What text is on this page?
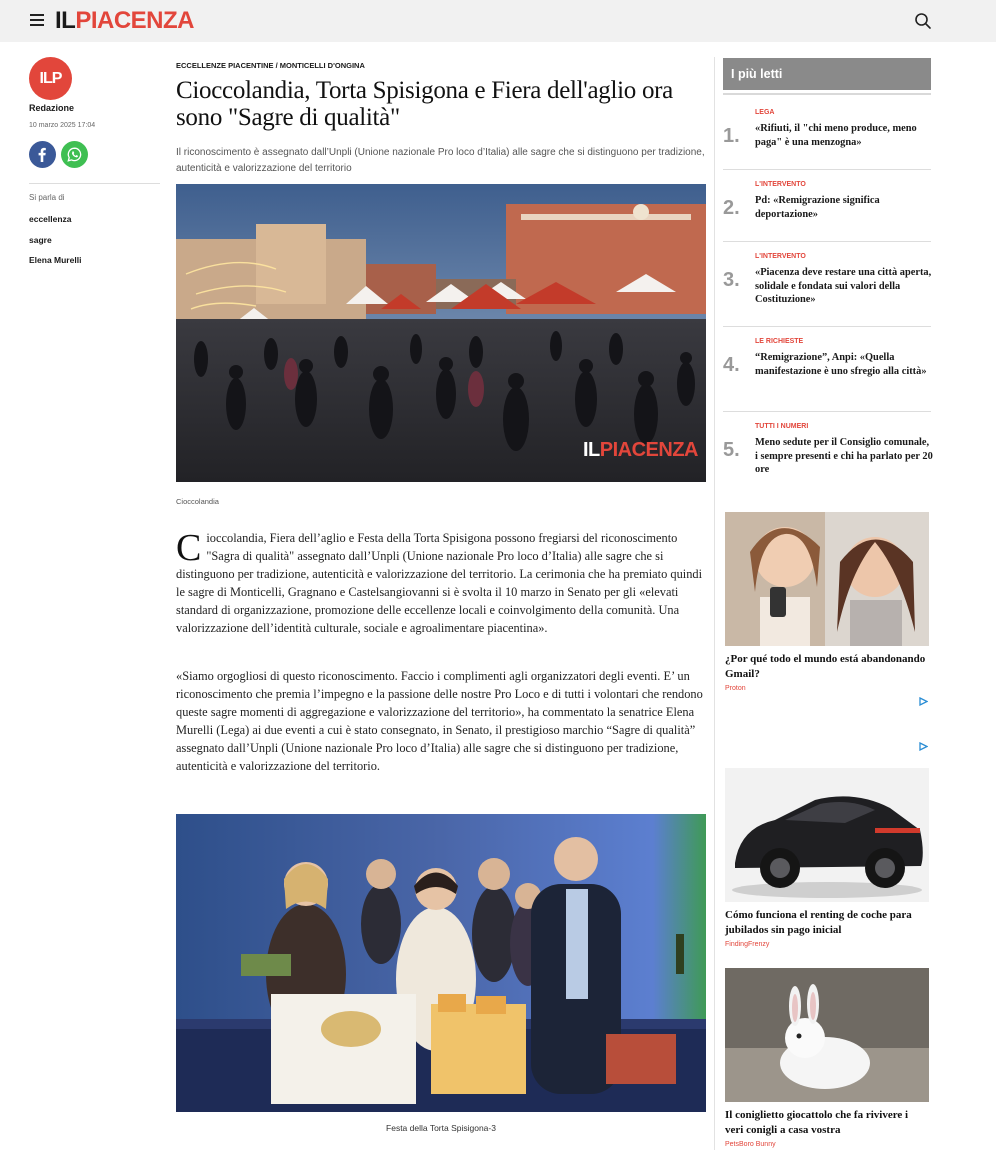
ILPIACENZA
ILP
Redazione
10 marzo 2025 17:04
Si parla di
eccellenza
sagre
Elena Murelli
ECCELLENZE PIACENTINE / MONTICELLI D'ONGINA
Cioccolandia, Torta Spisigona e Fiera dell'aglio ora sono "Sagre di qualità"
Il riconoscimento è assegnato dall’Unpli (Unione nazionale Pro loco d’Italia) alle sagre che si distinguono per tradizione, autenticità e valorizzazione del territorio
ILPIACENZA
Cioccolandia
Cioccolandia, Fiera dell’aglio e Festa della Torta Spisigona possono fregiarsi del riconoscimento "Sagra di qualità" assegnato dall’Unpli (Unione nazionale Pro loco d’Italia) alle sagre che si distinguono per tradizione, autenticità e valorizzazione del territorio. La cerimonia che ha premiato quindi le sagre di Monticelli, Gragnano e Castelsangiovanni si è svolta il 10 marzo in Senato per gli «elevati standard di organizzazione, promozione delle eccellenze locali e coinvolgimento della comunità. Una valorizzazione dell’identità culturale, sociale e agroalimentare piacentina».
«Siamo orgogliosi di questo riconoscimento. Faccio i complimenti agli organizzatori degli eventi. E’ un riconoscimento che premia l’impegno e la passione delle nostre Pro Loco e di tutti i volontari che rendono queste sagre momenti di aggregazione e valorizzazione del territorio», ha commentato la senatrice Elena Murelli (Lega) ai due eventi a cui è stato consegnato, in Senato, il prestigioso marchio “Sagre di qualità” assegnato dall’Unpli (Unione nazionale Pro loco d’Italia) alle sagre che si distinguono per tradizione, autenticità e valorizzazione del territorio.
Festa della Torta Spisigona-3
I più letti
1.
LEGA
«Rifiuti, il "chi meno produce, meno paga" è una menzogna»
2.
L'INTERVENTO
Pd: «Remigrazione significa deportazione»
3.
L'INTERVENTO
«Piacenza deve restare una città aperta, solidale e fondata sui valori della Costituzione»
4.
LE RICHIESTE
“Remigrazione”, Anpi: «Quella manifestazione è uno sfregio alla città»
5.
TUTTI I NUMERI
Meno sedute per il Consiglio comunale, i sempre presenti e chi ha parlato per 20 ore
¿Por qué todo el mundo está abandonando Gmail?
Proton
Cómo funciona el renting de coche para jubilados sin pago inicial
FindingFrenzy
Il coniglietto giocattolo che fa rivivere i veri conigli a casa vostra
PetsBoro Bunny
